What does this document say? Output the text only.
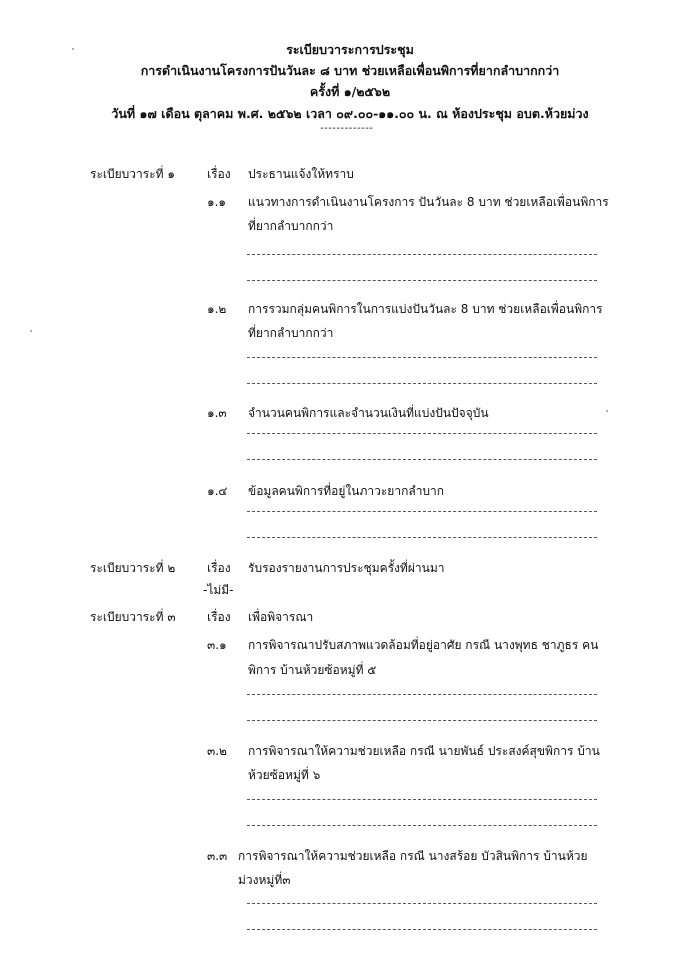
ระเบียบวาระการประชุม
การดำเนินงานโครงการปันวันละ ๘ บาท ช่วยเหลือเพื่อนพิการที่ยากลำบากกว่า
ครั้งที่ ๑/๒๕๖๒
วันที่ ๑๗ เดือน ตุลาคม พ.ศ. ๒๕๖๒ เวลา ๐๙.๐๐-๑๑.๐๐ น. ณ ห้องประชุม อบต.ห้วยม่วง
-------------
ระเบียบวาระที่ ๑	เรื่อง ประธานแจ้งให้ทราบ
๑.๑ แนวทางการดำเนินงานโครงการ ปันวันละ 8 บาท ช่วยเหลือเพื่อนพิการ
ที่ยากลำบากกว่า
๑.๒ การรวมกลุ่มคนพิการในการแบ่งปันวันละ 8 บาท ช่วยเหลือเพื่อนพิการ
ที่ยากลำบากกว่า
๑.๓ จำนวนคนพิการและจำนวนเงินที่แบ่งปันปัจจุบัน
๑.๔ ข้อมูลคนพิการที่อยู่ในภาวะยากลำบาก
ระเบียบวาระที่ ๒	เรื่อง รับรองรายงานการประชุมครั้งที่ผ่านมา
-ไม่มี-
ระเบียบวาระที่ ๓	เรื่อง เพื่อพิจารณา
๓.๑ การพิจารณาปรับสภาพแวดล้อมที่อยู่อาศัย กรณี นางพุทธ ชาภูธร คน
พิการ บ้านห้วยซ้อหมู่ที่ ๕
๓.๒ การพิจารณาให้ความช่วยเหลือ กรณี นายพันธ์ ประสงค์สุขพิการ บ้าน
ห้วยซ้อหมู่ที่ ๖
๓.๓ การพิจารณาให้ความช่วยเหลือ กรณี นางสร้อย บัวสินพิการ บ้านห้วย
ม่วงหมู่ที่๓
